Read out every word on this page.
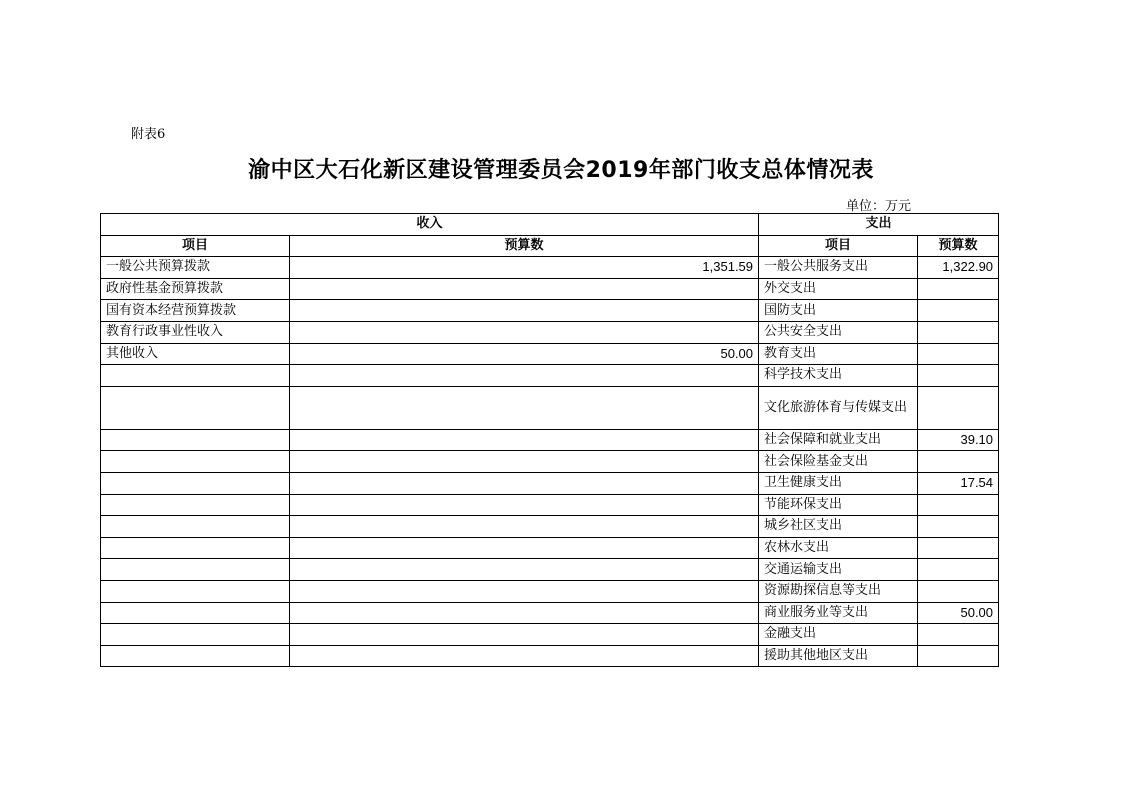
附表6
渝中区大石化新区建设管理委员会2019年部门收支总体情况表
单位：万元
收入		支出	
项目	预算数	项目	预算数
一般公共预算拨款	1,351.59	一般公共服务支出	1,322.90
政府性基金预算拨款		外交支出	
国有资本经营预算拨款		国防支出	
教育行政事业性收入		公共安全支出	
其他收入	50.00	教育支出	
		科学技术支出	
		文化旅游体育与传媒支出	
		社会保障和就业支出	39.10
		社会保险基金支出	
		卫生健康支出	17.54
		节能环保支出	
		城乡社区支出	
		农林水支出	
		交通运输支出	
		资源勘探信息等支出	
		商业服务业等支出	50.00
		金融支出	
		援助其他地区支出	
